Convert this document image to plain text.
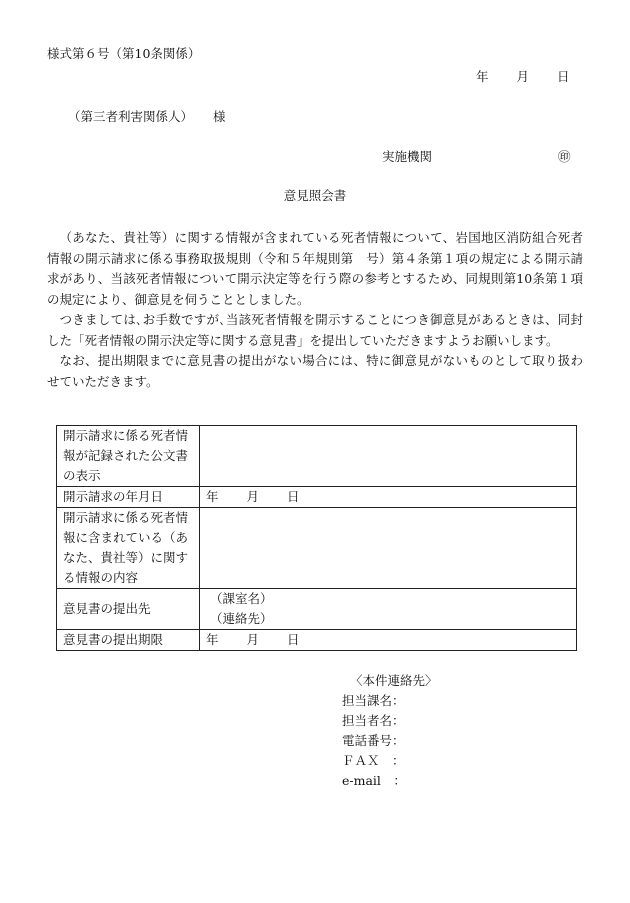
様式第６号（第10条関係）
年 月 日
（第三者利害関係人） 様
実施機関	㊞
意見照会書

（あなた、貴社等）に関する情報が含まれている死者情報について、岩国地区消防組合死者情報の開示請求に係る事務取扱規則（令和５年規則第　号）第４条第１項の規定による開示請求があり、当該死者情報について開示決定等を行う際の参考とするため、同規則第10条第１項の規定により、御意見を伺うこととしました。

つきましては､お手数ですが､当該死者情報を開示することにつき御意見があるときは、同封した「死者情報の開示決定等に関する意見書」を提出していただきますようお願いします。

なお、提出期限までに意見書の提出がない場合には、特に御意見がないものとして取り扱わせていただきます。

開示請求に係る死者情報が記録された公文書の表示	
開示請求の年月日	年 月 日
開示請求に係る死者情報に含まれている（あなた、貴社等）に関する情報の内容	
意見書の提出先	（課室名）
（連絡先）

意見書の提出期限	年 月 日
〈本件連絡先〉
担当課名：
担当者名：
電話番号：
ＦＡＸ　：
e-mail　：
